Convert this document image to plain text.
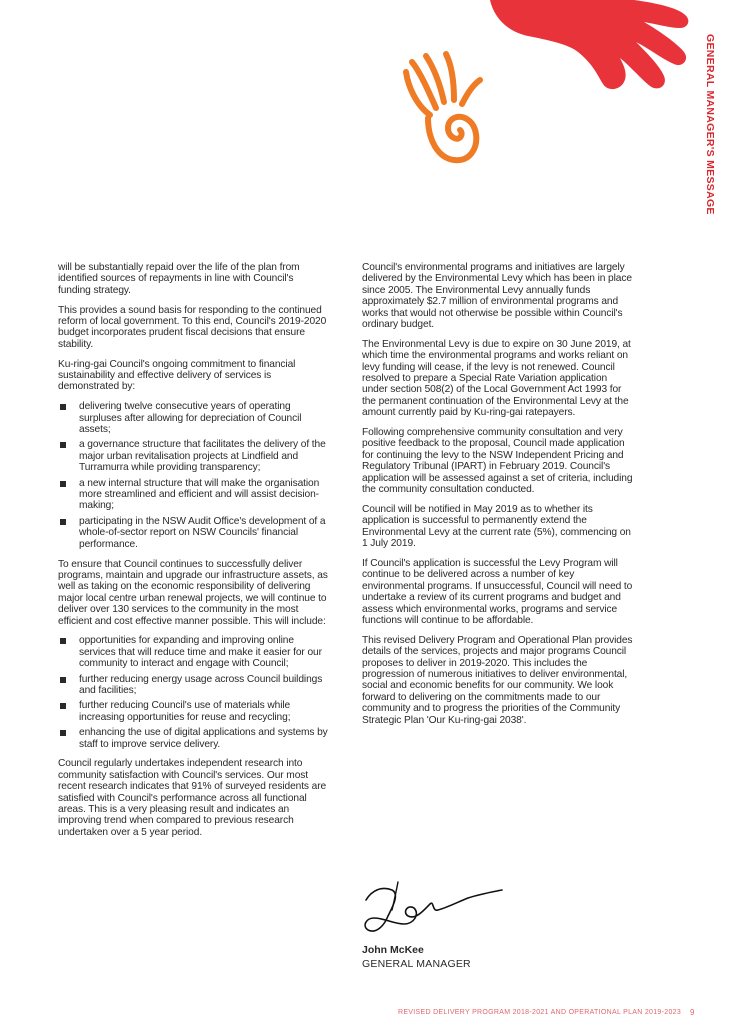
GENERAL MANAGER'S MESSAGE

will be substantially repaid over the life of the plan from identified sources of repayments in line with Council's funding strategy.

This provides a sound basis for responding to the continued reform of local government. To this end, Council's 2019-2020 budget incorporates prudent fiscal decisions that ensure stability.

Ku-ring-gai Council's ongoing commitment to financial sustainability and effective delivery of services is demonstrated by:

delivering twelve consecutive years of operating surpluses after allowing for depreciation of Council assets;
a governance structure that facilitates the delivery of the major urban revitalisation projects at Lindfield and Turramurra while providing transparency;
a new internal structure that will make the organisation more streamlined and efficient and will assist decision-making;
participating in the NSW Audit Office's development of a whole-of-sector report on NSW Councils' financial performance.

To ensure that Council continues to successfully deliver programs, maintain and upgrade our infrastructure assets, as well as taking on the economic responsibility of delivering major local centre urban renewal projects, we will continue to deliver over 130 services to the community in the most efficient and cost effective manner possible. This will include:

opportunities for expanding and improving online services that will reduce time and make it easier for our community to interact and engage with Council;
further reducing energy usage across Council buildings and facilities;
further reducing Council's use of materials while increasing opportunities for reuse and recycling;
enhancing the use of digital applications and systems by staff to improve service delivery.

Council regularly undertakes independent research into community satisfaction with Council's services. Our most recent research indicates that 91% of surveyed residents are satisfied with Council's performance across all functional areas. This is a very pleasing result and indicates an improving trend when compared to previous research undertaken over a 5 year period.

Council's environmental programs and initiatives are largely delivered by the Environmental Levy which has been in place since 2005. The Environmental Levy annually funds approximately $2.7 million of environmental programs and works that would not otherwise be possible within Council's ordinary budget.

The Environmental Levy is due to expire on 30 June 2019, at which time the environmental programs and works reliant on levy funding will cease, if the levy is not renewed. Council resolved to prepare a Special Rate Variation application under section 508(2) of the Local Government Act 1993 for the permanent continuation of the Environmental Levy at the amount currently paid by Ku-ring-gai ratepayers.

Following comprehensive community consultation and very positive feedback to the proposal, Council made application for continuing the levy to the NSW Independent Pricing and Regulatory Tribunal (IPART) in February 2019. Council's application will be assessed against a set of criteria, including the community consultation conducted.

Council will be notified in May 2019 as to whether its application is successful to permanently extend the Environmental Levy at the current rate (5%), commencing on 1 July 2019.

If Council's application is successful the Levy Program will continue to be delivered across a number of key environmental programs. If unsuccessful, Council will need to undertake a review of its current programs and budget and assess which environmental works, programs and service functions will continue to be affordable.

This revised Delivery Program and Operational Plan provides details of the services, projects and major programs Council proposes to deliver in 2019-2020. This includes the progression of numerous initiatives to deliver environmental, social and economic benefits for our community. We look forward to delivering on the commitments made to our community and to progress the priorities of the Community Strategic Plan 'Our Ku-ring-gai 2038'.

John McKee
GENERAL MANAGER
REVISED DELIVERY PROGRAM 2018-2021 AND OPERATIONAL PLAN 2019-2023 9
